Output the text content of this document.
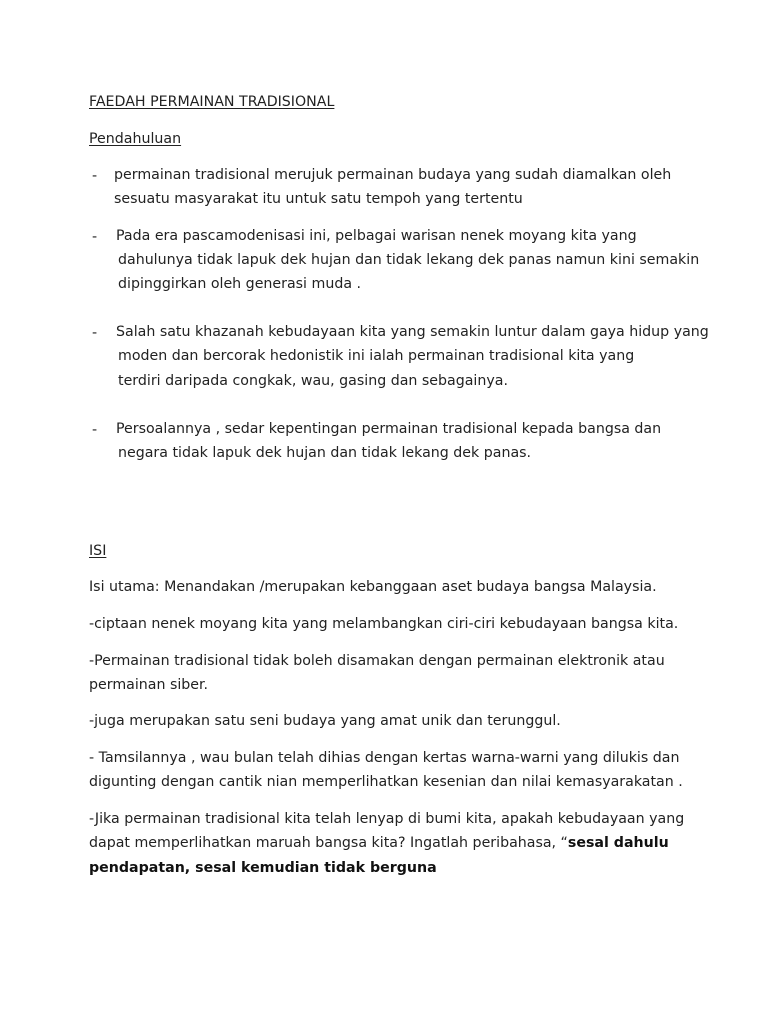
FAEDAH PERMAINAN TRADISIONAL
Pendahuluan
- permainan tradisional merujuk permainan budaya yang sudah diamalkan oleh
sesuatu masyarakat itu untuk satu tempoh yang tertentu
- Pada era pascamodenisasi ini, pelbagai warisan nenek moyang kita yang
dahulunya tidak lapuk dek hujan dan tidak lekang dek panas namun kini semakin
dipinggirkan oleh generasi muda .
- Salah satu khazanah kebudayaan kita yang semakin luntur dalam gaya hidup yang
moden dan bercorak hedonistik ini ialah permainan tradisional kita yang
terdiri daripada congkak, wau, gasing dan sebagainya.
- Persoalannya , sedar kepentingan permainan tradisional kepada bangsa dan
negara tidak lapuk dek hujan dan tidak lekang dek panas.
ISI
Isi utama: Menandakan /merupakan kebanggaan aset budaya bangsa Malaysia.
-ciptaan nenek moyang kita yang melambangkan ciri-ciri kebudayaan bangsa kita.
-Permainan tradisional tidak boleh disamakan dengan permainan elektronik atau
permainan siber.
-juga merupakan satu seni budaya yang amat unik dan terunggul.
- Tamsilannya , wau bulan telah dihias dengan kertas warna-warni yang dilukis dan
digunting dengan cantik nian memperlihatkan kesenian dan nilai kemasyarakatan .
-Jika permainan tradisional kita telah lenyap di bumi kita, apakah kebudayaan yang
dapat memperlihatkan maruah bangsa kita? Ingatlah peribahasa, “sesal dahulu
pendapatan, sesal kemudian tidak berguna
